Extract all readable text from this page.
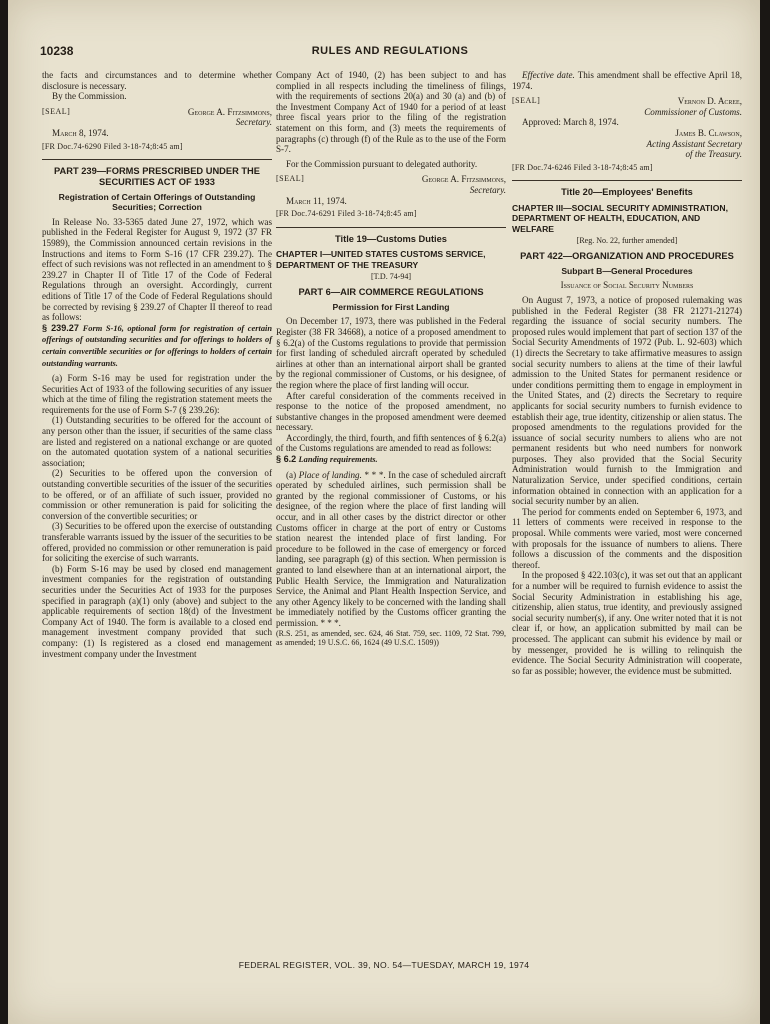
10238	RULES AND REGULATIONS

the facts and circumstances and to determine whether disclosure is necessary.

By the Commission.

[SEAL]	George A. Fitzsimmons,
Secretary.

March 8, 1974.

[FR Doc.74-6290 Filed 3-18-74;8:45 am]
PART 239—FORMS PRESCRIBED UNDER THE SECURITIES ACT OF 1933
Registration of Certain Offerings of Outstanding Securities; Correction

In Release No. 33-5365 dated June 27, 1972, which was published in the Federal Register for August 9, 1972 (37 FR 15989), the Commission announced certain revisions in the Instructions and items to Form S-16 (17 CFR 239.27). The effect of such revisions was not reflected in an amendment to § 239.27 in Chapter II of Title 17 of the Code of Federal Regulations through an oversight. Accordingly, current editions of Title 17 of the Code of Federal Regulations should be corrected by revising § 239.27 of Chapter II thereof to read as follows:

§ 239.27 Form S-16, optional form for registration of certain offerings of outstanding securities and for offerings to holders of certain convertible securities or for offerings to holders of certain outstanding warrants.

(a) Form S-16 may be used for registration under the Securities Act of 1933 of the following securities of any issuer which at the time of filing the registration statement meets the requirements for the use of Form S-7 (§ 239.26):

(1) Outstanding securities to be offered for the account of any person other than the issuer, if securities of the same class are listed and registered on a national exchange or are quoted on the automated quotation system of a national securities association;

(2) Securities to be offered upon the conversion of outstanding convertible securities of the issuer of the securities to be offered, or of an affiliate of such issuer, provided no commission or other remuneration is paid for soliciting the conversion of the convertible securities; or

(3) Securities to be offered upon the exercise of outstanding transferable warrants issued by the issuer of the securities to be offered, provided no commission or other remuneration is paid for soliciting the exercise of such warrants.

(b) Form S-16 may be used by closed end management investment companies for the registration of outstanding securities under the Securities Act of 1933 for the purposes specified in paragraph (a)(1) only (above) and subject to the applicable requirements of section 18(d) of the Investment Company Act of 1940. The form is available to a closed end management investment company provided that such company: (1) Is registered as a closed end management investment company under the Investment

Company Act of 1940, (2) has been subject to and has complied in all respects including the timeliness of filings, with the requirements of sections 20(a) and 30 (a) and (b) of the Investment Company Act of 1940 for a period of at least three fiscal years prior to the filing of the registration statement on this form, and (3) meets the requirements of paragraphs (c) through (f) of the Rule as to the use of the Form S-7.

For the Commission pursuant to delegated authority.

[SEAL]	George A. Fitzsimmons,
Secretary.

March 11, 1974.

[FR Doc.74-6291 Filed 3-18-74;8:45 am]
Title 19—Customs Duties
CHAPTER I—UNITED STATES CUSTOMS SERVICE, DEPARTMENT OF THE TREASURY
[T.D. 74-94]
PART 6—AIR COMMERCE REGULATIONS
Permission for First Landing

On December 17, 1973, there was published in the Federal Register (38 FR 34668), a notice of a proposed amendment to § 6.2(a) of the Customs regulations to provide that permission for first landing of scheduled aircraft operated by scheduled airlines at other than an international airport shall be granted by the regional commissioner of Customs, or his designee, of the region where the place of first landing will occur.

After careful consideration of the comments received in response to the notice of the proposed amendment, no substantive changes in the proposed amendment were deemed necessary.

Accordingly, the third, fourth, and fifth sentences of § 6.2(a) of the Customs regulations are amended to read as follows:

§ 6.2 Landing requirements.

(a) Place of landing. * * *. In the case of scheduled aircraft operated by scheduled airlines, such permission shall be granted by the regional commissioner of Customs, or his designee, of the region where the place of first landing will occur, and in all other cases by the district director or other Customs officer in charge at the port of entry or Customs station nearest the intended place of first landing. For procedure to be followed in the case of emergency or forced landing, see paragraph (g) of this section. When permission is granted to land elsewhere than at an international airport, the Public Health Service, the Immigration and Naturalization Service, the Animal and Plant Health Inspection Service, and any other Agency likely to be concerned with the landing shall be immediately notified by the Customs officer granting the permission. * * *.

(R.S. 251, as amended, sec. 624, 46 Stat. 759, sec. 1109, 72 Stat. 799, as amended; 19 U.S.C. 66, 1624 (49 U.S.C. 1509))

Effective date. This amendment shall be effective April 18, 1974.

[SEAL]	Vernon D. Acree,
Commissioner of Customs.

Approved: March 8, 1974.

James B. Clawson,
Acting Assistant Secretary
of the Treasury.
[FR Doc.74-6246 Filed 3-18-74;8:45 am]
Title 20—Employees' Benefits
CHAPTER III—SOCIAL SECURITY ADMINISTRATION, DEPARTMENT OF HEALTH, EDUCATION, AND WELFARE
[Reg. No. 22, further amended]
PART 422—ORGANIZATION AND PROCEDURES
Subpart B—General Procedures
Issuance of Social Security Numbers

On August 7, 1973, a notice of proposed rulemaking was published in the Federal Register (38 FR 21271-21274) regarding the issuance of social security numbers. The proposed rules would implement that part of section 137 of the Social Security Amendments of 1972 (Pub. L. 92-603) which (1) directs the Secretary to take affirmative measures to assign social security numbers to aliens at the time of their lawful admission to the United States for permanent residence or under conditions permitting them to engage in employment in the United States, and (2) directs the Secretary to require applicants for social security numbers to furnish evidence to establish their age, true identity, citizenship or alien status. The proposed amendments to the regulations provided for the issuance of social security numbers to aliens who are not permanent residents but who need numbers for nonwork purposes. They also provided that the Social Security Administration would furnish to the Immigration and Naturalization Service, under specified conditions, certain information obtained in connection with an application for a social security number by an alien.

The period for comments ended on September 6, 1973, and 11 letters of comments were received in response to the proposal. While comments were varied, most were concerned with proposals for the issuance of numbers to aliens. There follows a discussion of the comments and the disposition thereof.

In the proposed § 422.103(c), it was set out that an applicant for a number will be required to furnish evidence to assist the Social Security Administration in establishing his age, citizenship, alien status, true identity, and previously assigned social security number(s), if any. One writer noted that it is not clear if, or how, an application submitted by mail can be processed. The applicant can submit his evidence by mail or by messenger, provided he is willing to relinquish the evidence. The Social Security Administration will cooperate, so far as possible; however, the evidence must be submitted.

FEDERAL REGISTER, VOL. 39, NO. 54—TUESDAY, MARCH 19, 1974
